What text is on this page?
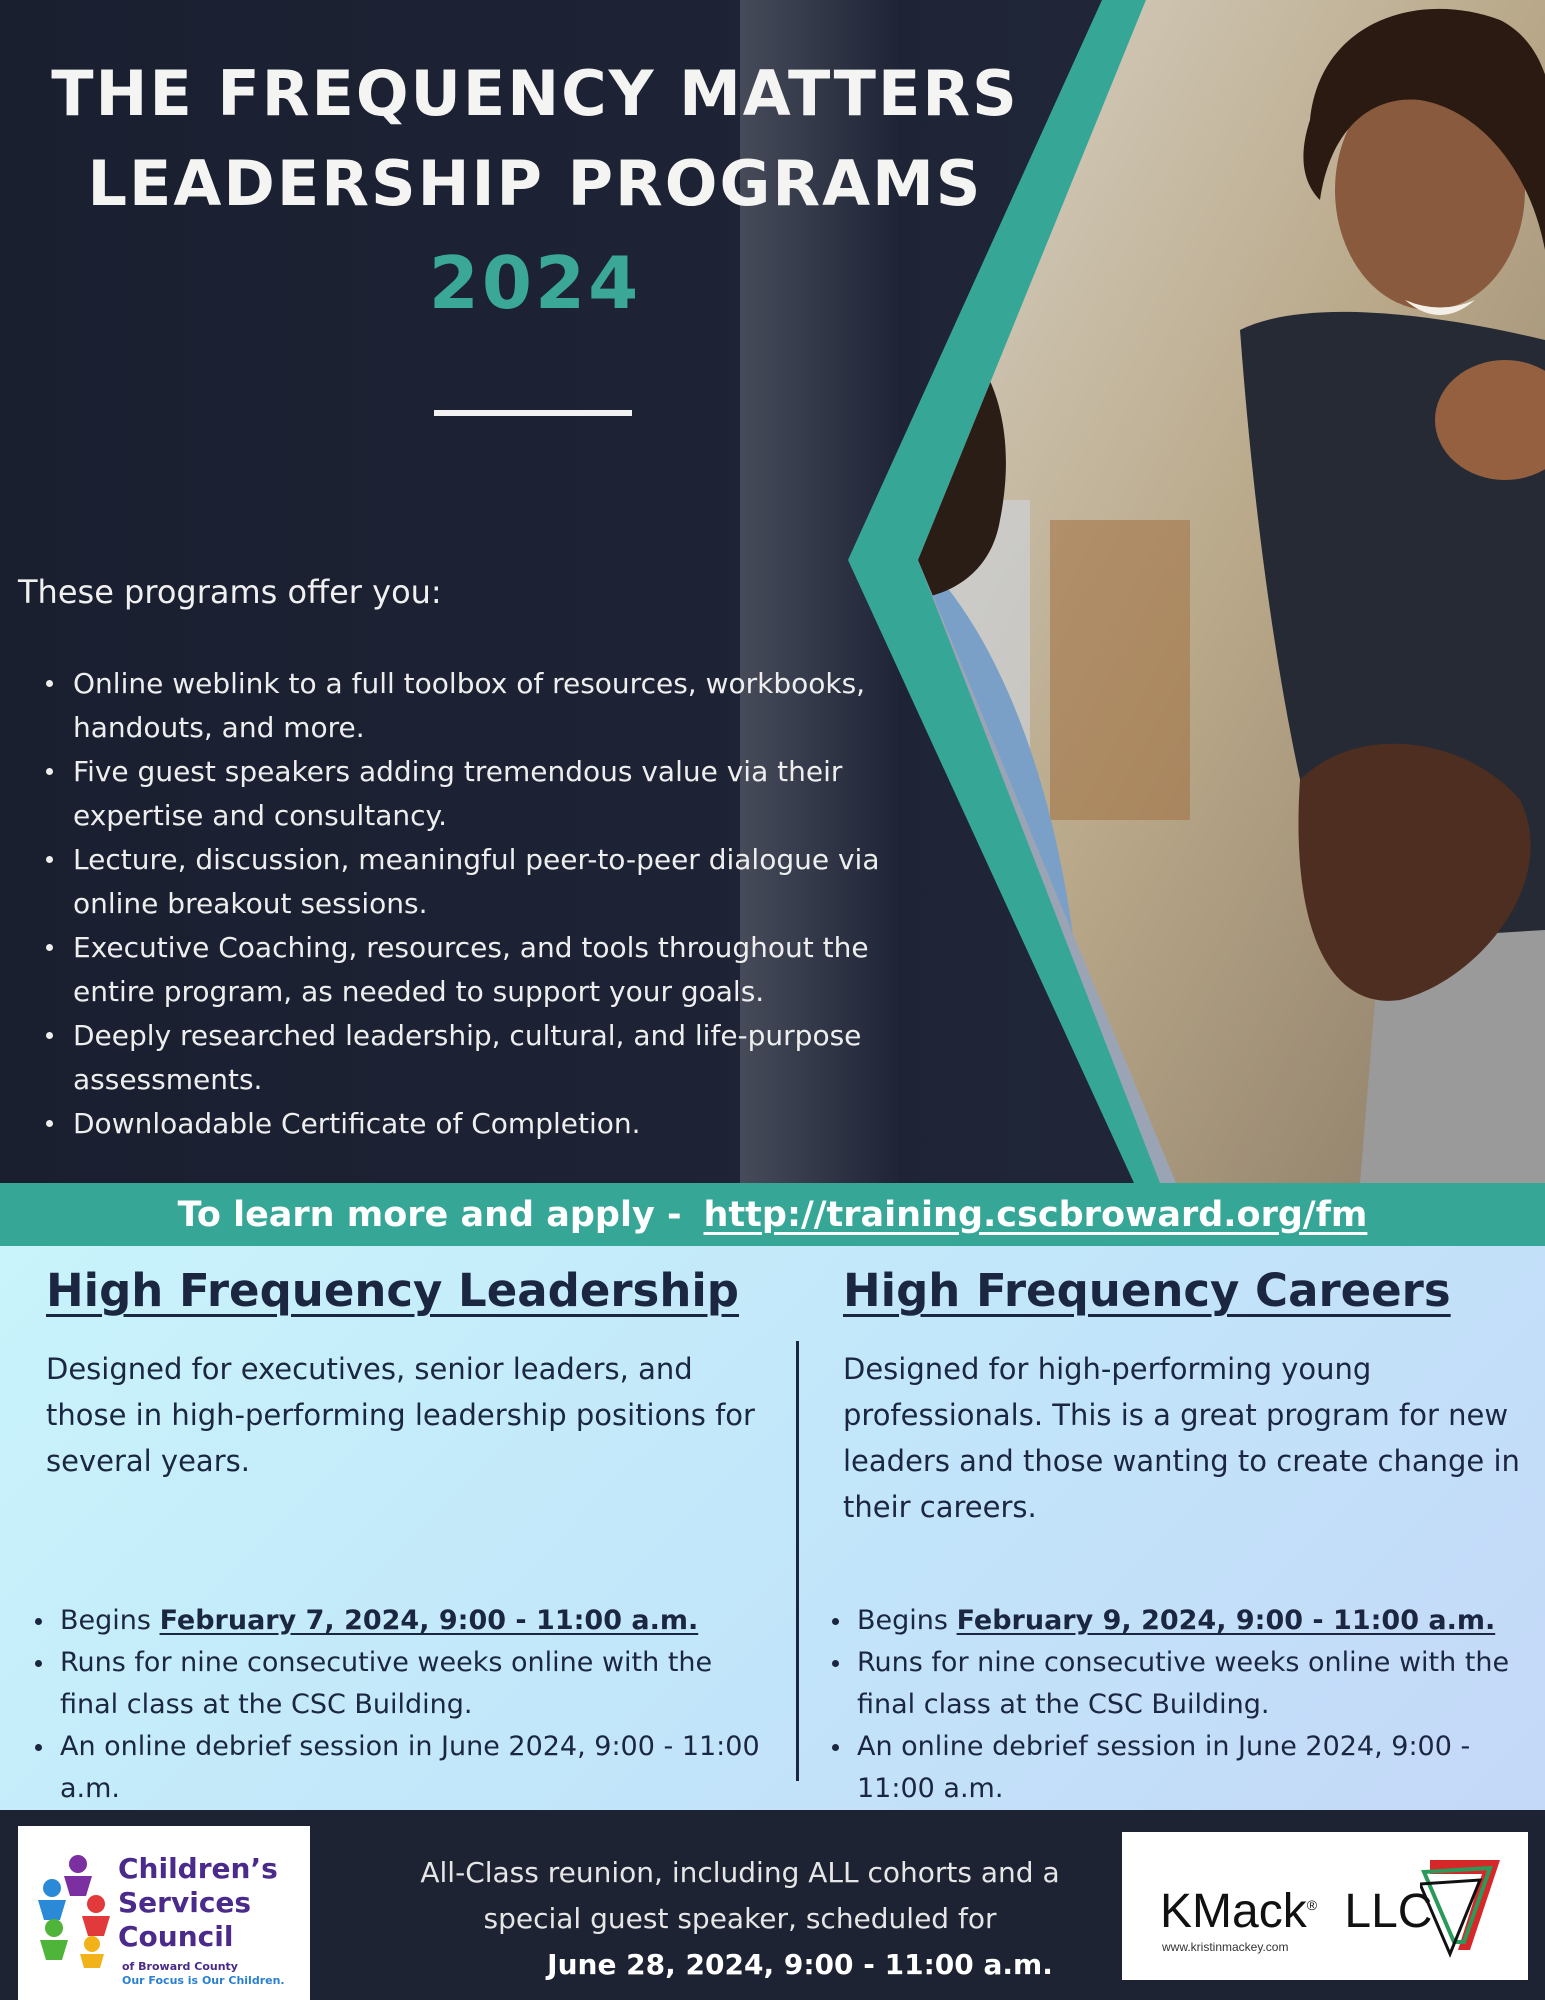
THE FREQUENCY MATTERS
LEADERSHIP PROGRAMS
2024
These programs offer you:
Online weblink to a full toolbox of resources, workbooks, handouts, and more.
Five guest speakers adding tremendous value via their expertise and consultancy.
Lecture, discussion, meaningful peer-to-peer dialogue via online breakout sessions.
Executive Coaching, resources, and tools throughout the entire program, as needed to support your goals.
Deeply researched leadership, cultural, and life-purpose assessments.
Downloadable Certificate of Completion.
To learn more and apply - http://training.cscbroward.org/fm
High Frequency Leadership
Designed for executives, senior leaders, and those in high-performing leadership positions for several years.
Begins February 7, 2024, 9:00 - 11:00 a.m.
Runs for nine consecutive weeks online with the final class at the CSC Building.
An online debrief session in June 2024, 9:00 - 11:00 a.m.
High Frequency Careers
Designed for high-performing young professionals. This is a great program for new leaders and those wanting to create change in their careers.
Begins February 9, 2024, 9:00 - 11:00 a.m.
Runs for nine consecutive weeks online with the final class at the CSC Building.
An online debrief session in June 2024, 9:00 - 11:00 a.m.
Children’s
Services
Council
of Broward County
Our Focus is Our Children.
All-Class reunion, including ALL cohorts and a
special guest speaker, scheduled for
June 28, 2024, 9:00 - 11:00 a.m.
KMack® LLC
www.kristinmackey.com
